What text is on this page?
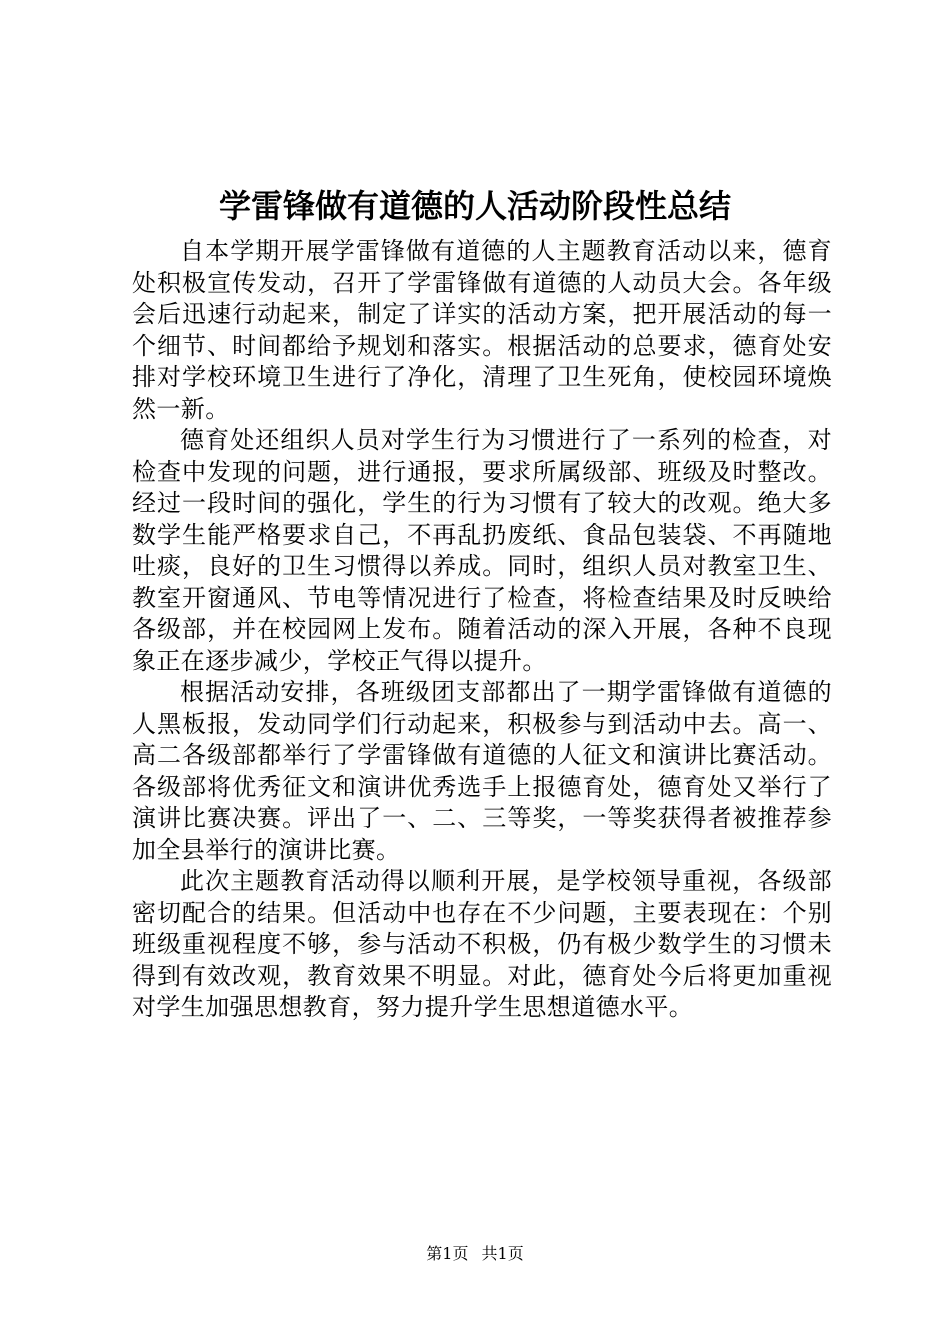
学雷锋做有道德的人活动阶段性总结

自本学期开展学雷锋做有道德的人主题教育活动以来，德育处积极宣传发动，召开了学雷锋做有道德的人动员大会。各年级会后迅速行动起来，制定了详实的活动方案，把开展活动的每一个细节、时间都给予规划和落实。根据活动的总要求，德育处安排对学校环境卫生进行了净化，清理了卫生死角，使校园环境焕然一新。

德育处还组织人员对学生行为习惯进行了一系列的检查，对检查中发现的问题，进行通报，要求所属级部、班级及时整改。经过一段时间的强化，学生的行为习惯有了较大的改观。绝大多数学生能严格要求自己，不再乱扔废纸、食品包装袋、不再随地吐痰，良好的卫生习惯得以养成。同时，组织人员对教室卫生、教室开窗通风、节电等情况进行了检查，将检查结果及时反映给各级部，并在校园网上发布。随着活动的深入开展，各种不良现象正在逐步减少，学校正气得以提升。

根据活动安排，各班级团支部都出了一期学雷锋做有道德的人黑板报，发动同学们行动起来，积极参与到活动中去。高一、高二各级部都举行了学雷锋做有道德的人征文和演讲比赛活动。各级部将优秀征文和演讲优秀选手上报德育处，德育处又举行了演讲比赛决赛。评出了一、二、三等奖，一等奖获得者被推荐参加全县举行的演讲比赛。

此次主题教育活动得以顺利开展，是学校领导重视，各级部密切配合的结果。但活动中也存在不少问题，主要表现在：个别班级重视程度不够，参与活动不积极，仍有极少数学生的习惯未得到有效改观，教育效果不明显。对此，德育处今后将更加重视对学生加强思想教育，努力提升学生思想道德水平。

第1页 共1页
